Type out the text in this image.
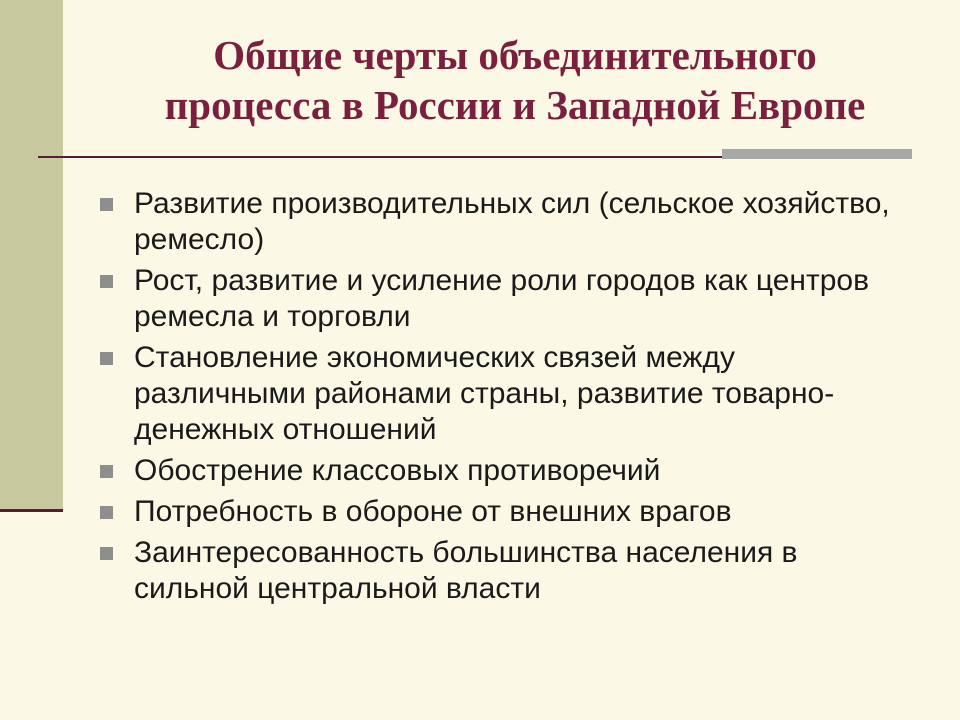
Общие черты объединительного
процесса в России и Западной Европе
Развитие производительных сил (сельское хозяйство, ремесло)
Рост, развитие и усиление роли городов как центров ремесла и торговли
Становление экономических связей между различными районами страны, развитие товарно-денежных отношений
Обострение классовых противоречий
Потребность в обороне от внешних врагов
Заинтересованность большинства населения в сильной центральной власти
